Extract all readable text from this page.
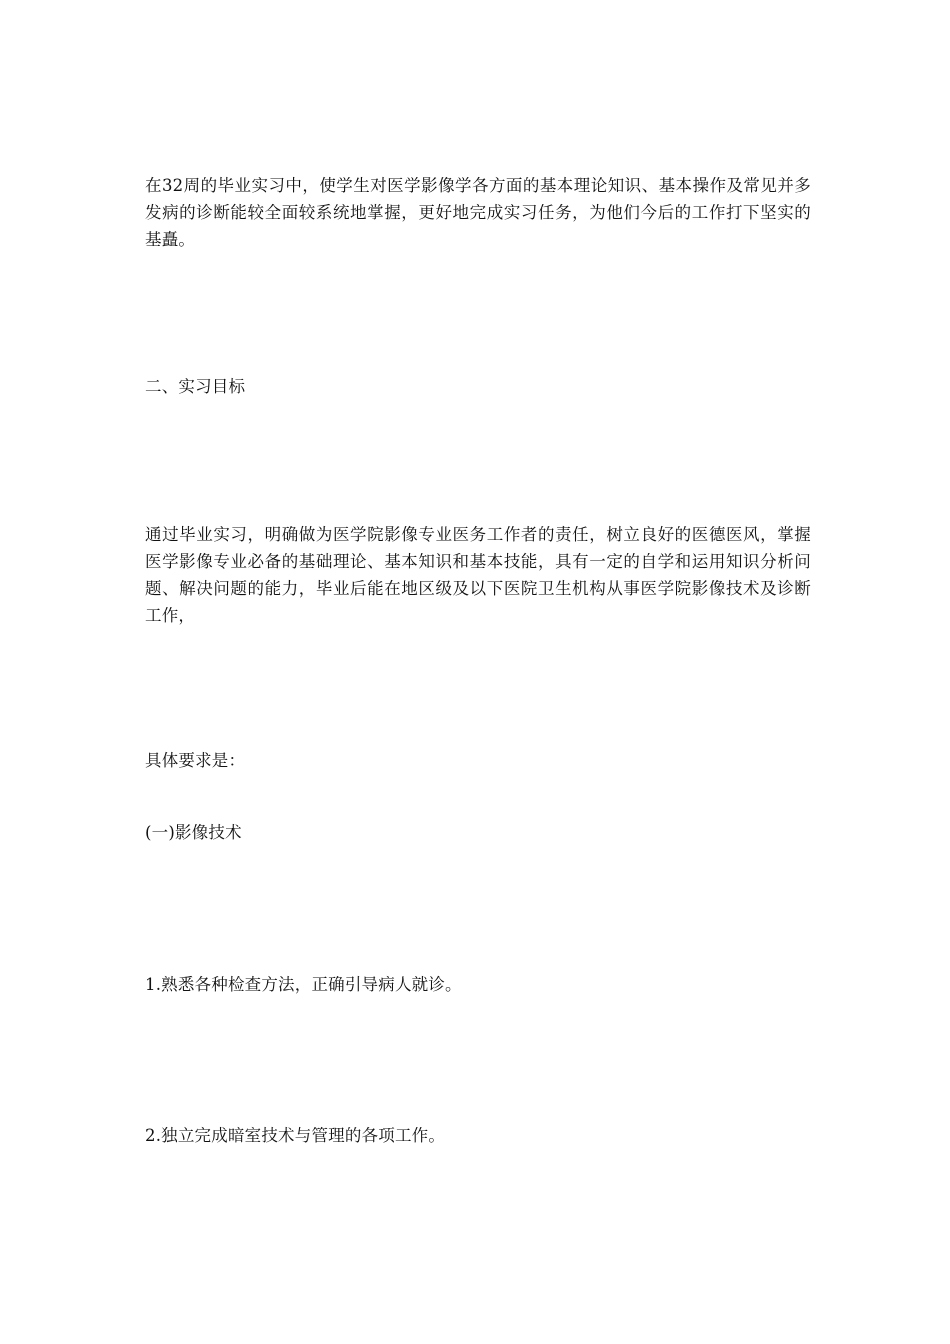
在32周的毕业实习中，使学生对医学影像学各方面的基本理论知识、基本操作及常见并多发病的诊断能较全面较系统地掌握，更好地完成实习任务，为他们今后的工作打下坚实的基矗。

二、实习目标

通过毕业实习，明确做为医学院影像专业医务工作者的责任，树立良好的医德医风，掌握医学影像专业必备的基础理论、基本知识和基本技能，具有一定的自学和运用知识分析问题、解决问题的能力，毕业后能在地区级及以下医院卫生机构从事医学院影像技术及诊断工作，

具体要求是：

(一)影像技术

1.熟悉各种检查方法，正确引导病人就诊。

2.独立完成暗室技术与管理的各项工作。
